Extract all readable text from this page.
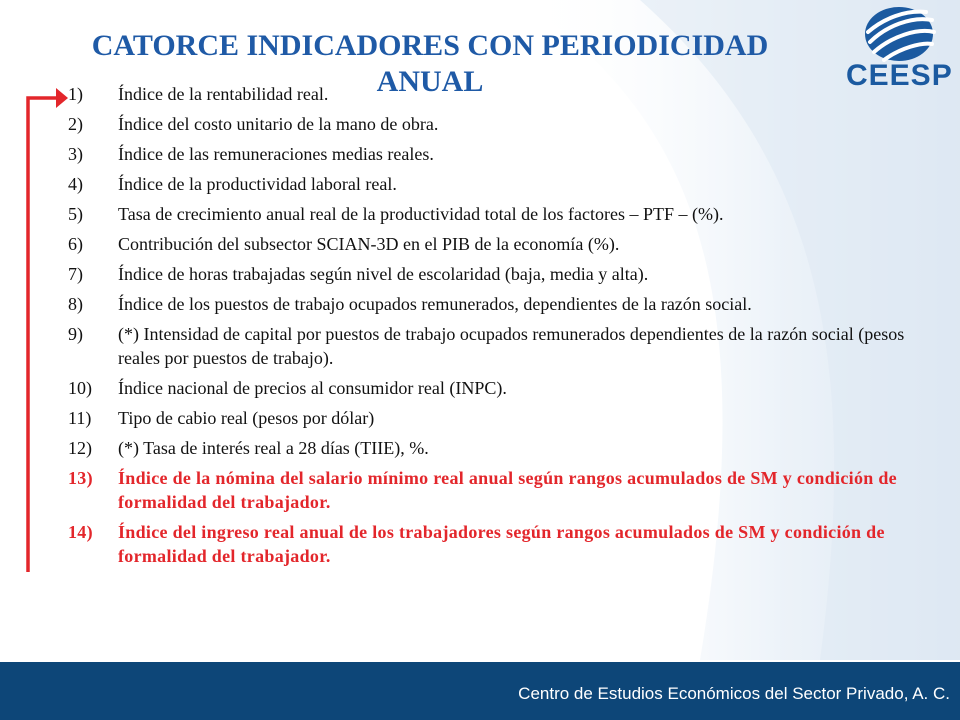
CATORCE INDICADORES CON PERIODICIDAD ANUAL	CEESP
1)	Índice de la rentabilidad real.
2)	Índice del costo unitario de la mano de obra.
3)	Índice de las remuneraciones medias reales.
4)	Índice de la productividad laboral real.
5)	Tasa de crecimiento anual real de la productividad total de los factores – PTF – (%).
6)	Contribución del subsector SCIAN-3D en el PIB de la economía (%).
7)	Índice de horas trabajadas según nivel de escolaridad (baja, media y alta).
8)	Índice de los puestos de trabajo ocupados remunerados, dependientes de la razón social.
9)	(*) Intensidad de capital por puestos de trabajo ocupados remunerados dependientes de la razón social (pesos reales por puestos de trabajo).
10)	Índice nacional de precios al consumidor real (INPC).
11)	Tipo de cabio real (pesos por dólar)
12)	(*) Tasa de interés real a 28 días (TIIE), %.
13)	Índice de la nómina del salario mínimo real anual según rangos acumulados de SM y condición de formalidad del trabajador.
14)	Índice del ingreso real anual de los trabajadores según rangos acumulados de SM y condición de formalidad del trabajador.
Centro de Estudios Económicos del Sector Privado, A. C.
